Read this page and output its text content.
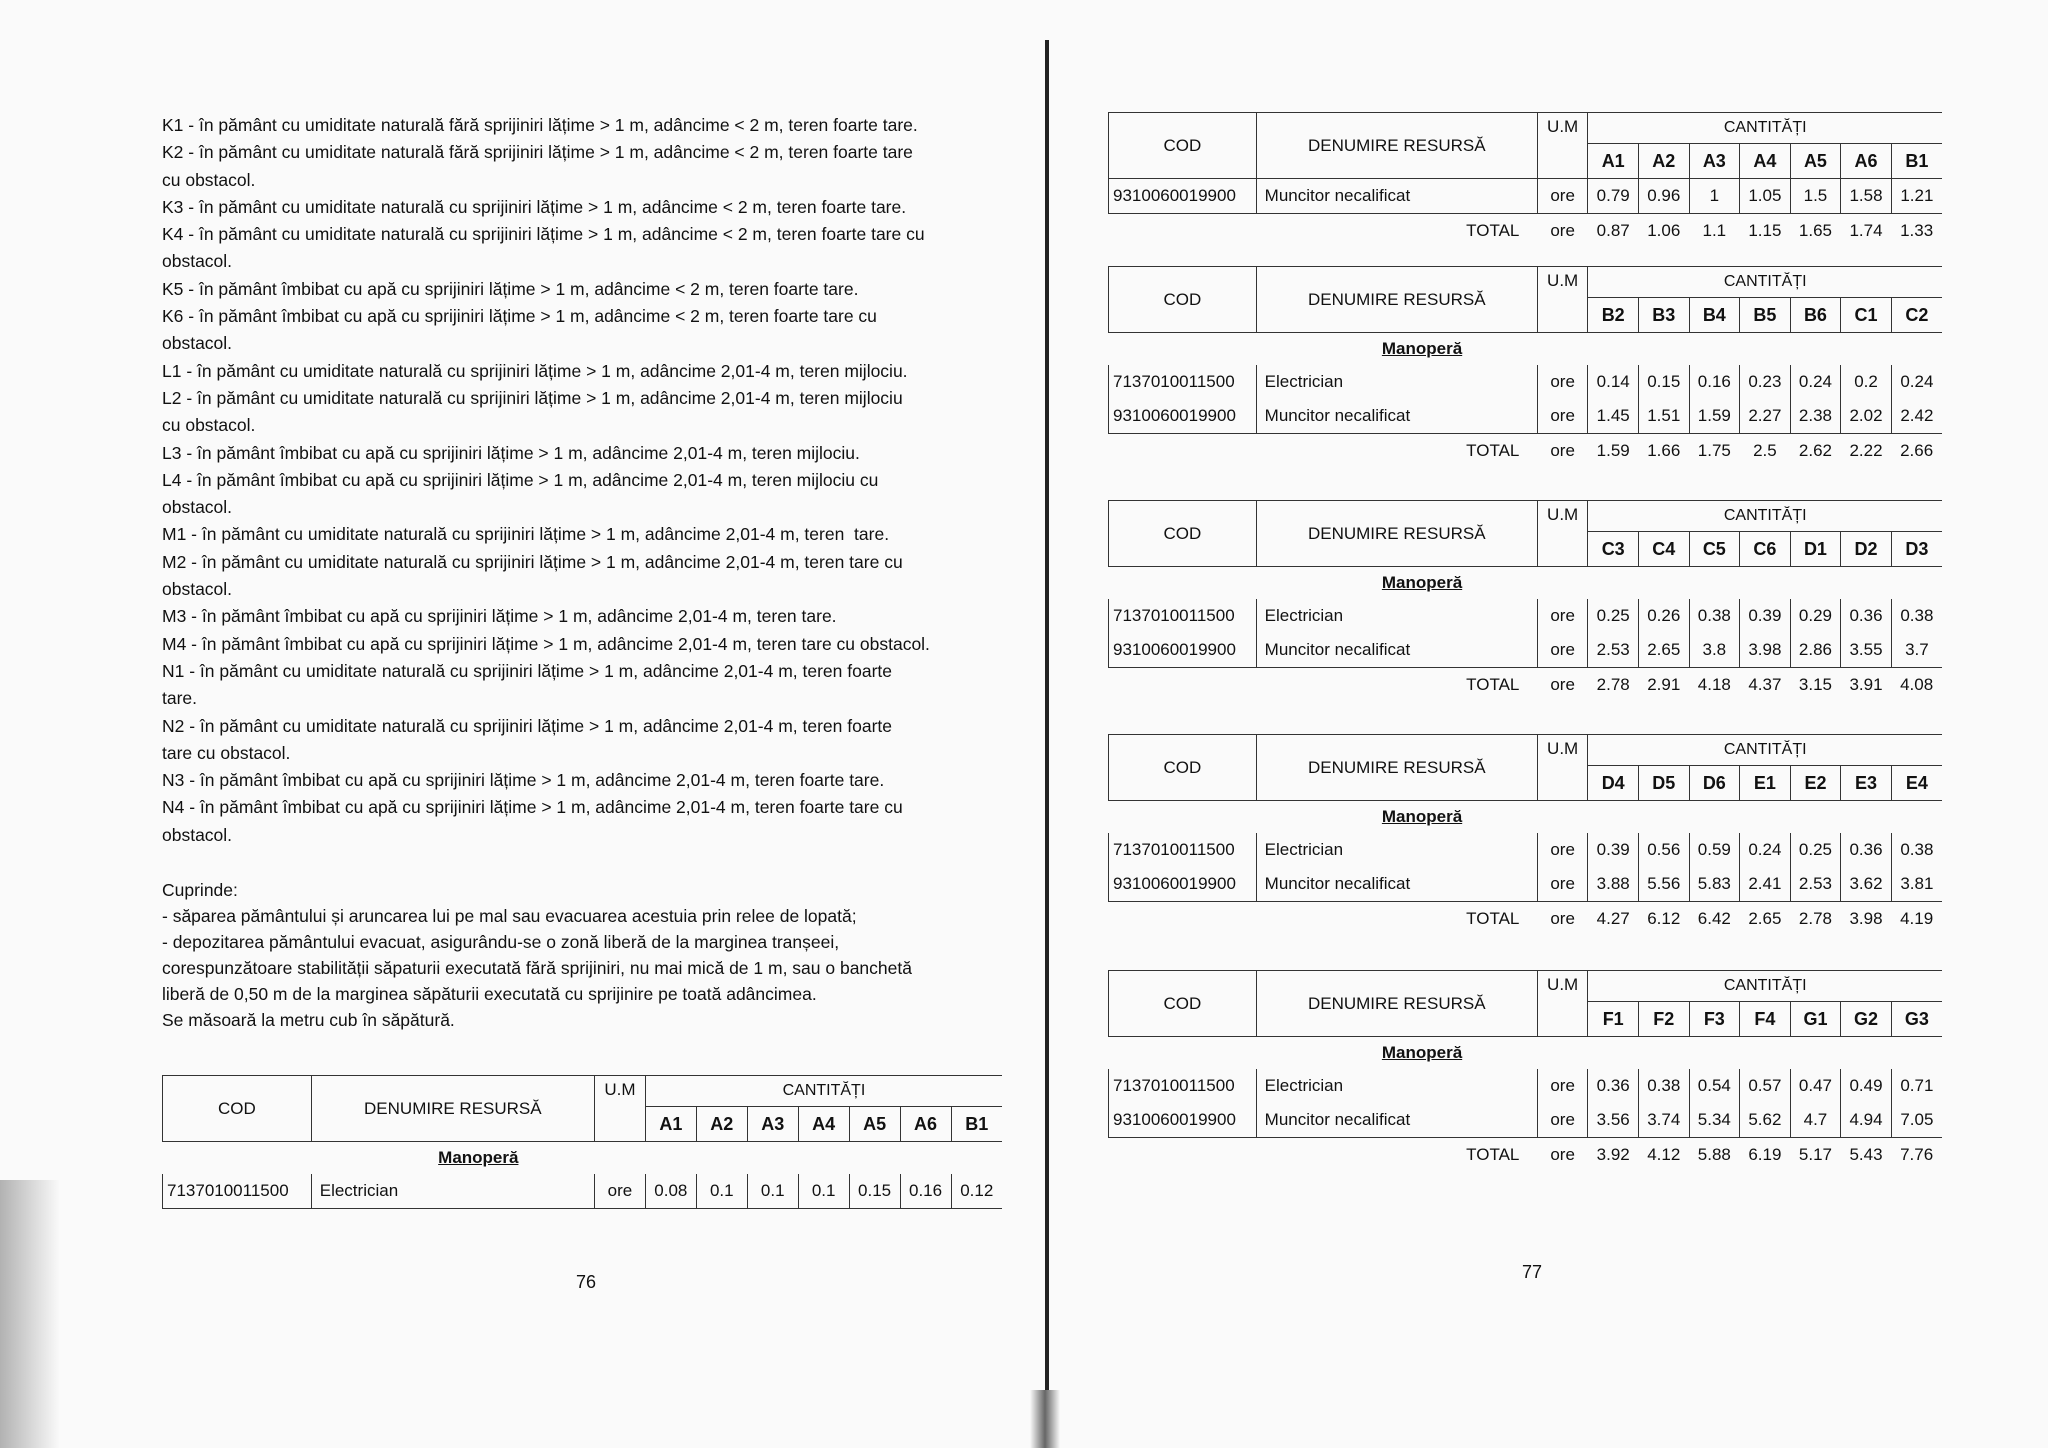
K1 - în pământ cu umiditate naturală fără sprijiniri lățime > 1 m, adâncime < 2 m, teren foarte tare.
K2 - în pământ cu umiditate naturală fără sprijiniri lățime > 1 m, adâncime < 2 m, teren foarte tare
cu obstacol.
K3 - în pământ cu umiditate naturală cu sprijiniri lățime > 1 m, adâncime < 2 m, teren foarte tare.
K4 - în pământ cu umiditate naturală cu sprijiniri lățime > 1 m, adâncime < 2 m, teren foarte tare cu
obstacol.
K5 - în pământ îmbibat cu apă cu sprijiniri lățime > 1 m, adâncime < 2 m, teren foarte tare.
K6 - în pământ îmbibat cu apă cu sprijiniri lățime > 1 m, adâncime < 2 m, teren foarte tare cu
obstacol.
L1 - în pământ cu umiditate naturală cu sprijiniri lățime > 1 m, adâncime 2,01-4 m, teren mijlociu.
L2 - în pământ cu umiditate naturală cu sprijiniri lățime > 1 m, adâncime 2,01-4 m, teren mijlociu
cu obstacol.
L3 - în pământ îmbibat cu apă cu sprijiniri lățime > 1 m, adâncime 2,01-4 m, teren mijlociu.
L4 - în pământ îmbibat cu apă cu sprijiniri lățime > 1 m, adâncime 2,01-4 m, teren mijlociu cu
obstacol.
M1 - în pământ cu umiditate naturală cu sprijiniri lățime > 1 m, adâncime 2,01-4 m, teren  tare.
M2 - în pământ cu umiditate naturală cu sprijiniri lățime > 1 m, adâncime 2,01-4 m, teren tare cu
obstacol.
M3 - în pământ îmbibat cu apă cu sprijiniri lățime > 1 m, adâncime 2,01-4 m, teren tare.
M4 - în pământ îmbibat cu apă cu sprijiniri lățime > 1 m, adâncime 2,01-4 m, teren tare cu obstacol.
N1 - în pământ cu umiditate naturală cu sprijiniri lățime > 1 m, adâncime 2,01-4 m, teren foarte
tare.
N2 - în pământ cu umiditate naturală cu sprijiniri lățime > 1 m, adâncime 2,01-4 m, teren foarte
tare cu obstacol.
N3 - în pământ îmbibat cu apă cu sprijiniri lățime > 1 m, adâncime 2,01-4 m, teren foarte tare.
N4 - în pământ îmbibat cu apă cu sprijiniri lățime > 1 m, adâncime 2,01-4 m, teren foarte tare cu
obstacol.
Cuprinde:
- săparea pământului și aruncarea lui pe mal sau evacuarea acestuia prin relee de lopată;
- depozitarea pământului evacuat, asigurându-se o zonă liberă de la marginea tranșeei,
corespunzătoare stabilității săpaturii executată fără sprijiniri, nu mai mică de 1 m, sau o banchetă
liberă de 0,50 m de la marginea săpăturii executată cu sprijinire pe toată adâncimea.
Se măsoară la metru cub în săpătură.
COD	DENUMIRE RESURSĂ	U.M	CANTITĂȚI						
			A1	A2	A3	A4	A5	A6	B1
	Manoperă								
7137010011500	Electrician	ore	0.08	0.1	0.1	0.1	0.15	0.16	0.12
76
COD	DENUMIRE RESURSĂ	U.M	CANTITĂȚI						
			A1	A2	A3	A4	A5	A6	B1
9310060019900	Muncitor necalificat	ore	0.79	0.96	1	1.05	1.5	1.58	1.21
	TOTAL	ore	0.87	1.06	1.1	1.15	1.65	1.74	1.33
COD	DENUMIRE RESURSĂ	U.M	CANTITĂȚI						
			B2	B3	B4	B5	B6	C1	C2
	Manoperă								
7137010011500	Electrician	ore	0.14	0.15	0.16	0.23	0.24	0.2	0.24
9310060019900	Muncitor necalificat	ore	1.45	1.51	1.59	2.27	2.38	2.02	2.42
	TOTAL	ore	1.59	1.66	1.75	2.5	2.62	2.22	2.66
COD	DENUMIRE RESURSĂ	U.M	CANTITĂȚI						
			C3	C4	C5	C6	D1	D2	D3
	Manoperă								
7137010011500	Electrician	ore	0.25	0.26	0.38	0.39	0.29	0.36	0.38
9310060019900	Muncitor necalificat	ore	2.53	2.65	3.8	3.98	2.86	3.55	3.7
	TOTAL	ore	2.78	2.91	4.18	4.37	3.15	3.91	4.08
COD	DENUMIRE RESURSĂ	U.M	CANTITĂȚI						
			D4	D5	D6	E1	E2	E3	E4
	Manoperă								
7137010011500	Electrician	ore	0.39	0.56	0.59	0.24	0.25	0.36	0.38
9310060019900	Muncitor necalificat	ore	3.88	5.56	5.83	2.41	2.53	3.62	3.81
	TOTAL	ore	4.27	6.12	6.42	2.65	2.78	3.98	4.19
COD	DENUMIRE RESURSĂ	U.M	CANTITĂȚI						
			F1	F2	F3	F4	G1	G2	G3
	Manoperă								
7137010011500	Electrician	ore	0.36	0.38	0.54	0.57	0.47	0.49	0.71
9310060019900	Muncitor necalificat	ore	3.56	3.74	5.34	5.62	4.7	4.94	7.05
	TOTAL	ore	3.92	4.12	5.88	6.19	5.17	5.43	7.76
77
